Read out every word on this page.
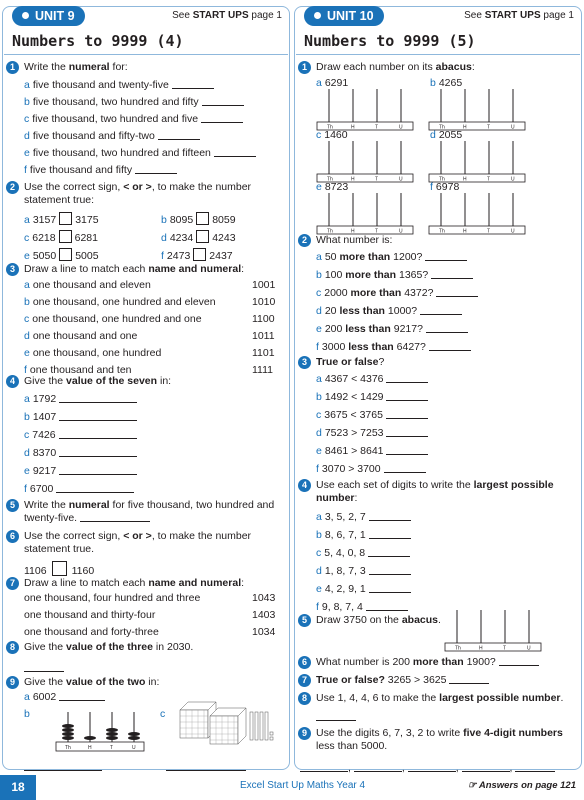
UNIT 9	See START UPS page 1
Numbers to 9999 (4)
1 Write the numeral for:
a five thousand and twenty-five
b five thousand, two hundred and fifty
c five thousand, two hundred and five
d five thousand and fifty-two
e five thousand, two hundred and fifteen
f five thousand and fifty
2 Use the correct sign, < or >, to make the number
statement true:
a 3157 3175	b 8095 8059
c 6218 6281	d 4234 4243
e 5050 5005	f 2473 2437
3 Draw a line to match each name and numeral:
a one thousand and eleven	1001
b one thousand, one hundred and eleven	1010
c one thousand, one hundred and one	1100
d one thousand and one	1011
e one thousand, one hundred	1101
f one thousand and ten	1111
4 Give the value of the seven in:
a 1792
b 1407
c 7426
d 8370
e 9217
f 6700
5 Write the numeral for five thousand, two hundred and
twenty-five.
6 Use the correct sign, < or >, to make the number
statement true.
1106 1160
7 Draw a line to match each name and numeral:
one thousand, four hundred and three	1043
one thousand and thirty-four	1403
one thousand and forty-three	1034
8 Give the value of the three in 2030.
9 Give the value of the two in:
a 6002
b	c
Th	H	T	U
UNIT 10	See START UPS page 1
Numbers to 9999 (5)
1 Draw each number on its abacus:
a 6291	b 4265
c 1460	d 2055
e 8723	f 6978
Th	H	T	U	Th	H	T	U
Th	H	T	U	Th	H	T	U
Th	H	T	U	Th	H	T	U
Th	H	T	U
2 What number is:
a 50 more than 1200?
b 100 more than 1365?
c 2000 more than 4372?
d 20 less than 1000?
e 200 less than 9217?
f 3000 less than 6427?
3 True or false?
a 4367 < 4376
b 1492 < 1429
c 3675 < 3765
d 7523 > 7253
e 8461 > 8641
f 3070 > 3700
4 Use each set of digits to write the largest possible
number:
a 3, 5, 2, 7
b 8, 6, 7, 1
c 5, 4, 0, 8
d 1, 8, 7, 3
e 4, 2, 9, 1
f 9, 8, 7, 4
5 Draw 3750 on the abacus.
6 What number is 200 more than 1900?
7 True or false? 3265 > 3625
8 Use 1, 4, 4, 6 to make the largest possible number.
9 Use the digits 6, 7, 3, 2 to write five 4-digit numbers
less than 5000.
,	,	,	,
18	Excel Start Up Maths Year 4	☞ Answers on page 121
